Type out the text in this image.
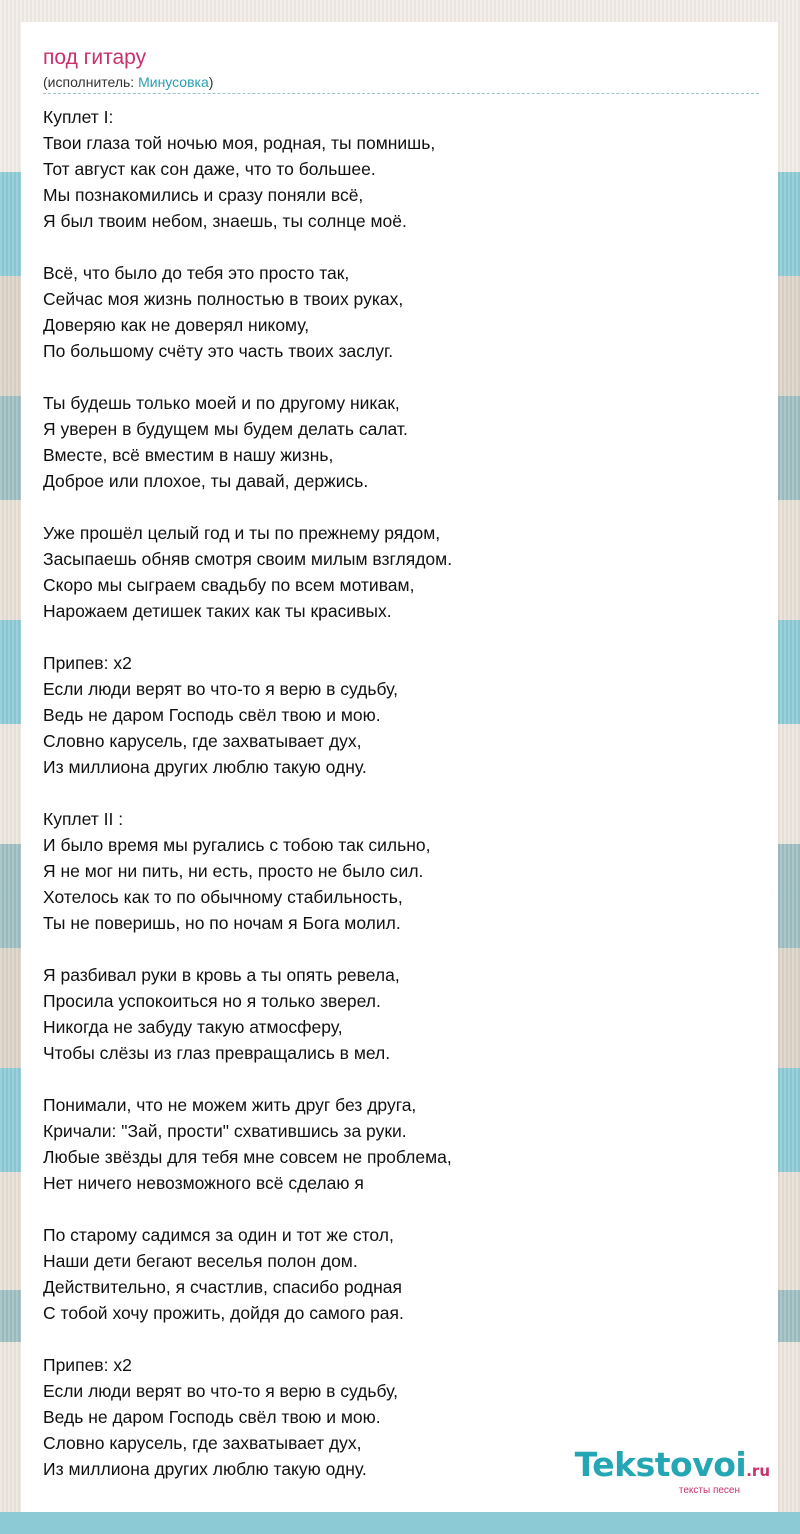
под гитару
(исполнитель: Минусовка)
Куплет I:
Твои глаза той ночью моя, родная, ты помнишь,
Тот август как сон даже, что то большее.
Мы познакомились и сразу поняли всё,
Я был твоим небом, знаешь, ты солнце моё.
Всё, что было до тебя это просто так,
Сейчас моя жизнь полностью в твоих руках,
Доверяю как не доверял никому,
По большому счёту это часть твоих заслуг.
Ты будешь только моей и по другому никак,
Я уверен в будущем мы будем делать салат.
Вместе, всё вместим в нашу жизнь,
Доброе или плохое, ты давай, держись.
Уже прошёл целый год и ты по прежнему рядом,
Засыпаешь обняв смотря своим милым взглядом.
Скоро мы сыграем свадьбу по всем мотивам,
Нарожаем детишек таких как ты красивых.
Припев: x2
Если люди верят во что-то я верю в судьбу,
Ведь не даром Господь свёл твою и мою.
Словно карусель, где захватывает дух,
Из миллиона других люблю такую одну.
Куплет II :
И было время мы ругались с тобою так сильно,
Я не мог ни пить, ни есть, просто не было сил.
Хотелось как то по обычному стабильность,
Ты не поверишь, но по ночам я Бога молил.
Я разбивал руки в кровь а ты опять ревела,
Просила успокоиться но я только зверел.
Никогда не забуду такую атмосферу,
Чтобы слёзы из глаз превращались в мел.
Понимали, что не можем жить друг без друга,
Кричали: "Зай, прости" схватившись за руки.
Любые звёзды для тебя мне совсем не проблема,
Нет ничего невозможного всё сделаю я
По старому садимся за один и тот же стол,
Наши дети бегают веселья полон дом.
Действительно, я счастлив, спасибо родная
С тобой хочу прожить, дойдя до самого рая.
Припев: x2
Если люди верят во что-то я верю в судьбу,
Ведь не даром Господь свёл твою и мою.
Словно карусель, где захватывает дух,
Из миллиона других люблю такую одну.	Tekstovoi.ru
тексты песен
